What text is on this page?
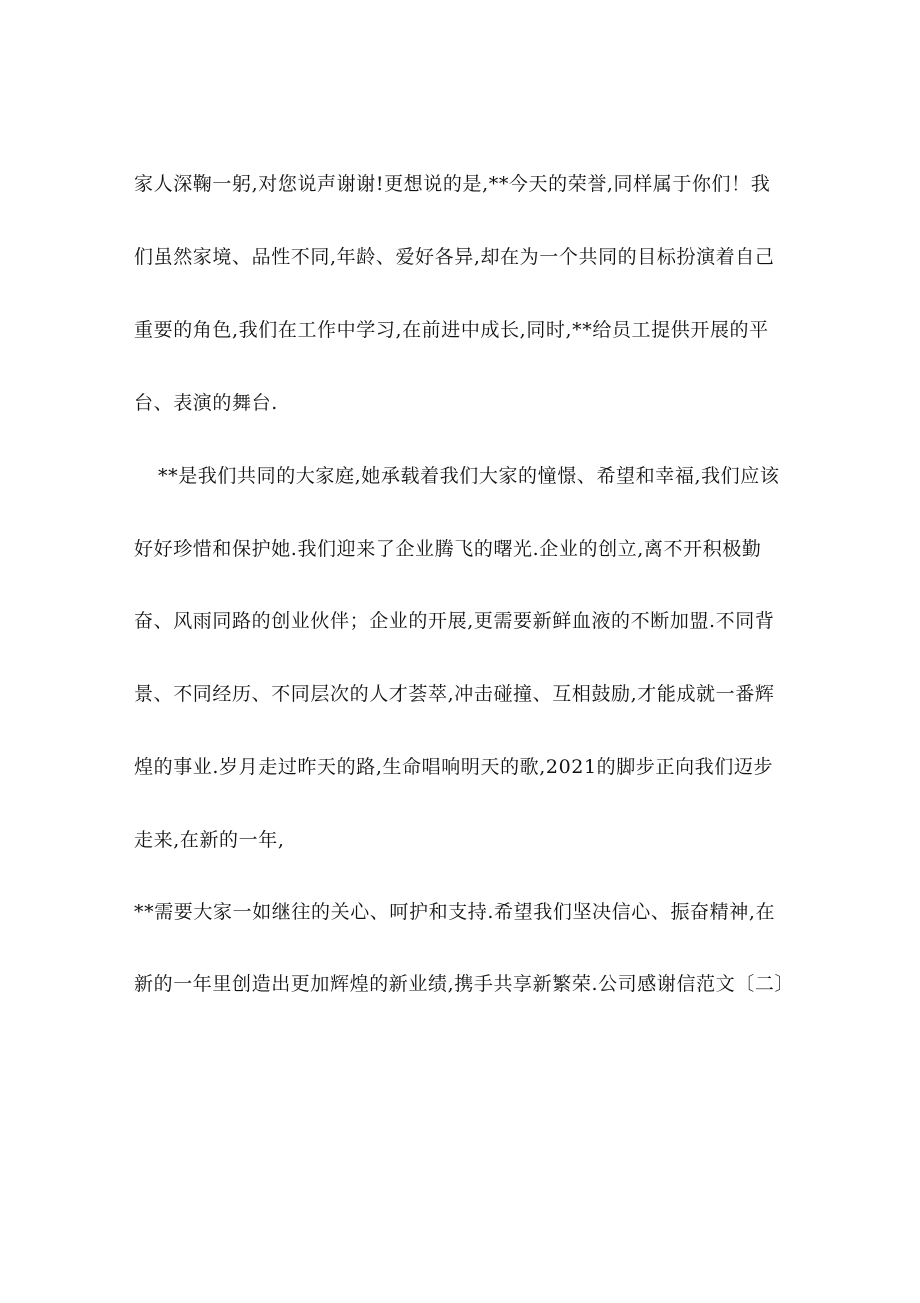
家人深鞠一躬,对您说声谢谢!更想说的是,**今天的荣誉,同样属于你们！我
们虽然家境、品性不同,年龄、爱好各异,却在为一个共同的目标扮演着自己
重要的角色,我们在工作中学习,在前进中成长,同时,**给员工提供开展的平
台、表演的舞台.
**是我们共同的大家庭,她承载着我们大家的憧憬、希望和幸福,我们应该
好好珍惜和保护她.我们迎来了企业腾飞的曙光.企业的创立,离不开积极勤
奋、风雨同路的创业伙伴；企业的开展,更需要新鲜血液的不断加盟.不同背
景、不同经历、不同层次的人才荟萃,冲击碰撞、互相鼓励,才能成就一番辉
煌的事业.岁月走过昨天的路,生命唱响明天的歌,2021的脚步正向我们迈步
走来,在新的一年,
**需要大家一如继往的关心、呵护和支持.希望我们坚决信心、振奋精神,在
新的一年里创造出更加辉煌的新业绩,携手共享新繁荣.公司感谢信范文〔二〕
